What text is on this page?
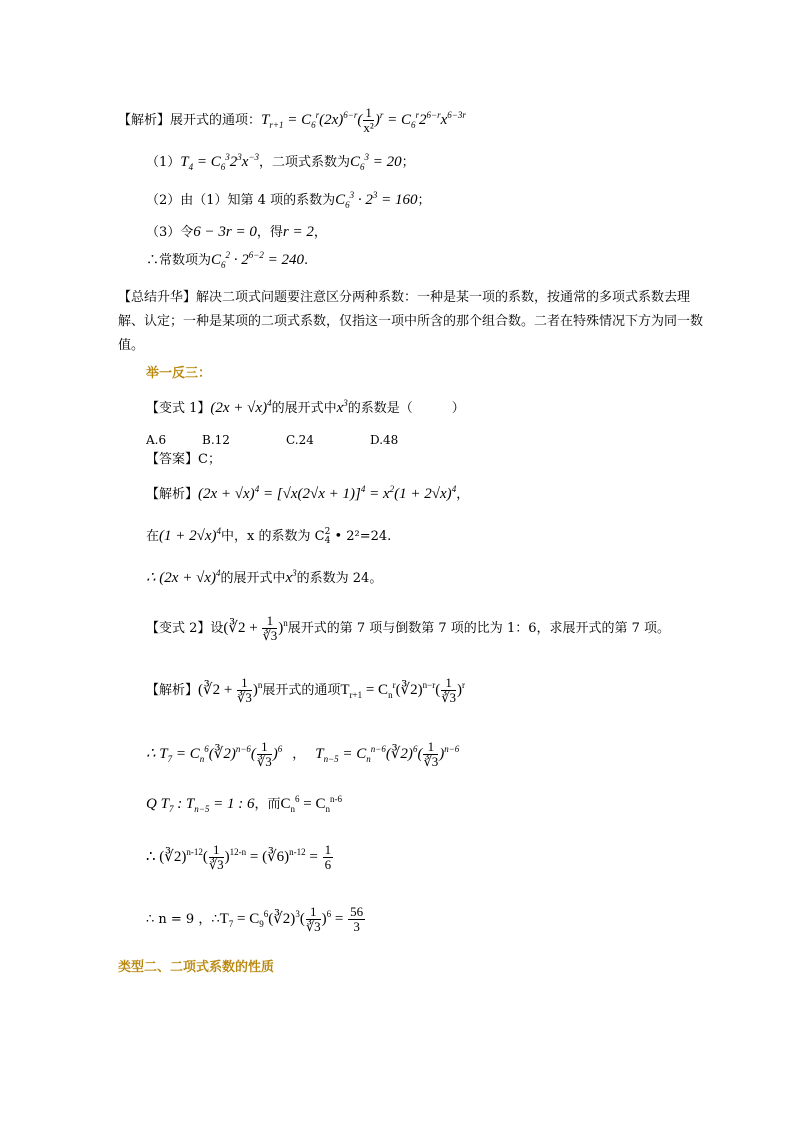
【解析】展开式的通项：$T_{r+1} = C_6^r(2x)^{6-r}( \frac{1}{\text{x²}} )^r = C_6^r2^{6-r}x^{6-3r}$
$(1)T_4 = C_6^32^3x^{-3}$，二项式系数为$C_6^3 = 20$；
（2）由（1）知第 4 项的系数为$C_6^3 \cdot 2^3 = 160$；
（3）令6 − 3r = 0，得r = 2，
∴常数项为$C_6^2 \cdot 2^{6-2} = 240$.
【总结升华】解决二项式问题要注意区分两种系数：一种是某一项的系数，按通常的多项式系数去理解、认定；一种是某项的二项式系数，仅指这一项中所含的那个组合数。二者在特殊情况下方为同一数值。
举一反三：
【变式 1】$(2x + √x)^4$的展开式中$x^3$的系数是（　　　）
A.6	B.12	C.24	D.48
【答案】C；
【解析】$(2x + √x)^4 = [√x(2√x + 1)]^4 = x^2(1 + 2√x)^4$，
在$(1 + 2√x)^4$中，x 的系数为 C 2
4 • 2²=24.
∴ $(2x + √x)^4$的展开式中$x^3$的系数为 24。
【变式 2】设(∛2 + $\frac{1}{∛3} )^n$展开式的第 7 项与倒数第 7 项的比为 1：6，求展开式的第 7 项。
【解析】(∛2 + $\frac{1}{∛3} )^n$展开式的通项$T_{r+1}$ = $C_n^r(∛2)^{n-r}( \frac{1}{∛3} )^r$
∴ $T_7$ = $C_n^6(∛2)^{n-6}( \frac{1}{∛3} )^6$ ， $T_{n-5}$ = $C_n^{n-6}(∛2)^6( \frac{1}{∛3} )^{n-6}$
Q $T_7$ : $T_{n-5} = 1$ : 6，而$C_n^6 = C_n^{n-6}$
∴ (∛2)$^{n-12}$( $\frac{1}{∛3} )^{12-n}$ = (∛6)$^{n-12}$ = $\frac{1}{6}$
∴ n = 9 ，$\therefore T_7$ = $C_9^6(∛2)^3( \frac{1}{∛3} )^6 = \frac{56}{3}$
类型二、二项式系数的性质
